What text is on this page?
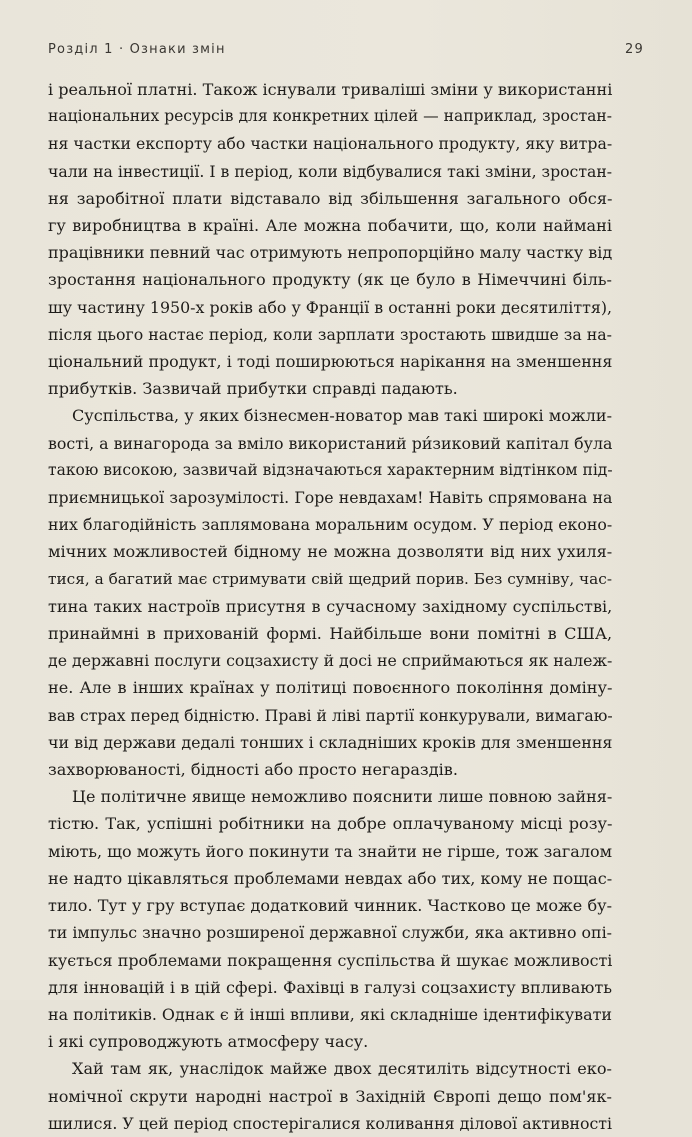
Розділ 1 · Ознаки змін	29

і реальної платні. Також існували триваліші зміни у використанні
національних ресурсів для конкретних цілей — наприклад, зростан-
ня частки експорту або частки національного продукту, яку витра-
чали на інвестиції. І в період, коли відбувалися такі зміни, зростан-
ня заробітної плати відставало від збільшення загального обся-
гу виробництва в країні. Але можна побачити, що, коли наймані
працівники певний час отримують непропорційно малу частку від
зростання національного продукту (як це було в Німеччині біль-
шу частину 1950-х років або у Франції в останні роки десятиліття),
після цього настає період, коли зарплати зростають швидше за на-
ціональний продукт, і тоді поширюються нарікання на зменшення
прибутків. Зазвичай прибутки справді падають.

Суспільства, у яких бізнесмен-новатор мав такі широкі можли-
вості, а винагорода за вміло використаний ри́зиковий капітал була
такою високою, зазвичай відзначаються характерним відтінком під-
приємницької зарозумілості. Горе невдахам! Навіть спрямована на
них благодійність заплямована моральним осудом. У період еконо-
мічних можливостей бідному не можна дозволяти від них ухиля-
тися, а багатий має стримувати свій щедрий порив. Без сумніву, час-
тина таких настроїв присутня в сучасному західному суспільстві,
принаймні в прихованій формі. Найбільше вони помітні в США,
де державні послуги соцзахисту й досі не сприймаються як належ-
не. Але в інших країнах у політиці повоєнного покоління доміну-
вав страх перед бідністю. Праві й ліві партії конкурували, вимагаю-
чи від держави дедалі тонших і складніших кроків для зменшення
захворюваності, бідності або просто негараздів.

Це політичне явище неможливо пояснити лише повною зайня-
тістю. Так, успішні робітники на добре оплачуваному місці розу-
міють, що можуть його покинути та знайти не гірше, тож загалом
не надто цікавляться проблемами невдах або тих, кому не пощас-
тило. Тут у гру вступає додатковий чинник. Частково це може бу-
ти імпульс значно розширеної державної служби, яка активно опі-
кується проблемами покращення суспільства й шукає можливості
для інновацій і в цій сфері. Фахівці в галузі соцзахисту впливають
на політиків. Однак є й інші впливи, які складніше ідентифікувати
і які супроводжують атмосферу часу.

Хай там як, унаслідок майже двох десятиліть відсутності еко-
номічної скрути народні настрої в Західній Європі дещо пом'як-
шилися. У цей період спостерігалися коливання ділової активності
